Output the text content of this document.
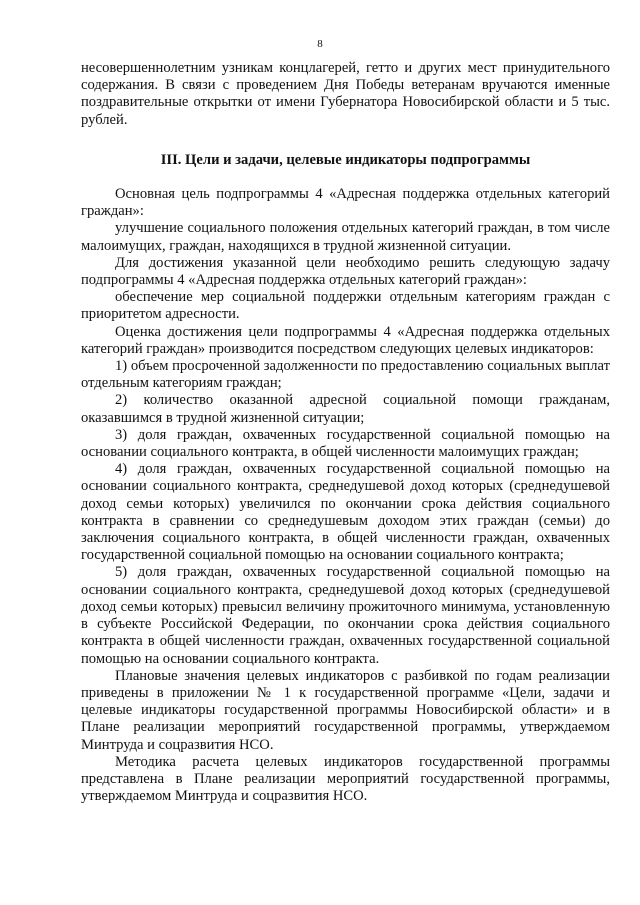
8

несовершеннолетним узникам концлагерей, гетто и других мест принудительного содержания. В связи с проведением Дня Победы ветеранам вручаются именные поздравительные открытки от имени Губернатора Новосибирской области и 5 тыс. рублей.

III. Цели и задачи, целевые индикаторы подпрограммы

Основная цель подпрограммы 4 «Адресная поддержка отдельных категорий граждан»:

улучшение социального положения отдельных категорий граждан, в том числе малоимущих, граждан, находящихся в трудной жизненной ситуации.

Для достижения указанной цели необходимо решить следующую задачу подпрограммы 4 «Адресная поддержка отдельных категорий граждан»:

обеспечение мер социальной поддержки отдельным категориям граждан с приоритетом адресности.

Оценка достижения цели подпрограммы 4 «Адресная поддержка отдельных категорий граждан» производится посредством следующих целевых индикаторов:

1) объем просроченной задолженности по предоставлению социальных выплат отдельным категориям граждан;

2) количество оказанной адресной социальной помощи гражданам, оказавшимся в трудной жизненной ситуации;

3) доля граждан, охваченных государственной социальной помощью на основании социального контракта, в общей численности малоимущих граждан;

4) доля граждан, охваченных государственной социальной помощью на основании социального контракта, среднедушевой доход которых (среднедушевой доход семьи которых) увеличился по окончании срока действия социального контракта в сравнении со среднедушевым доходом этих граждан (семьи) до заключения социального контракта, в общей численности граждан, охваченных государственной социальной помощью на основании социального контракта;

5) доля граждан, охваченных государственной социальной помощью на основании социального контракта, среднедушевой доход которых (среднедушевой доход семьи которых) превысил величину прожиточного минимума, установленную в субъекте Российской Федерации, по окончании срока действия социального контракта в общей численности граждан, охваченных государственной социальной помощью на основании социального контракта.

Плановые значения целевых индикаторов с разбивкой по годам реализации приведены в приложении № 1 к государственной программе «Цели, задачи и целевые индикаторы государственной программы Новосибирской области» и в Плане реализации мероприятий государственной программы, утверждаемом Минтруда и соцразвития НСО.

Методика расчета целевых индикаторов государственной программы представлена в Плане реализации мероприятий государственной программы, утверждаемом Минтруда и соцразвития НСО.
